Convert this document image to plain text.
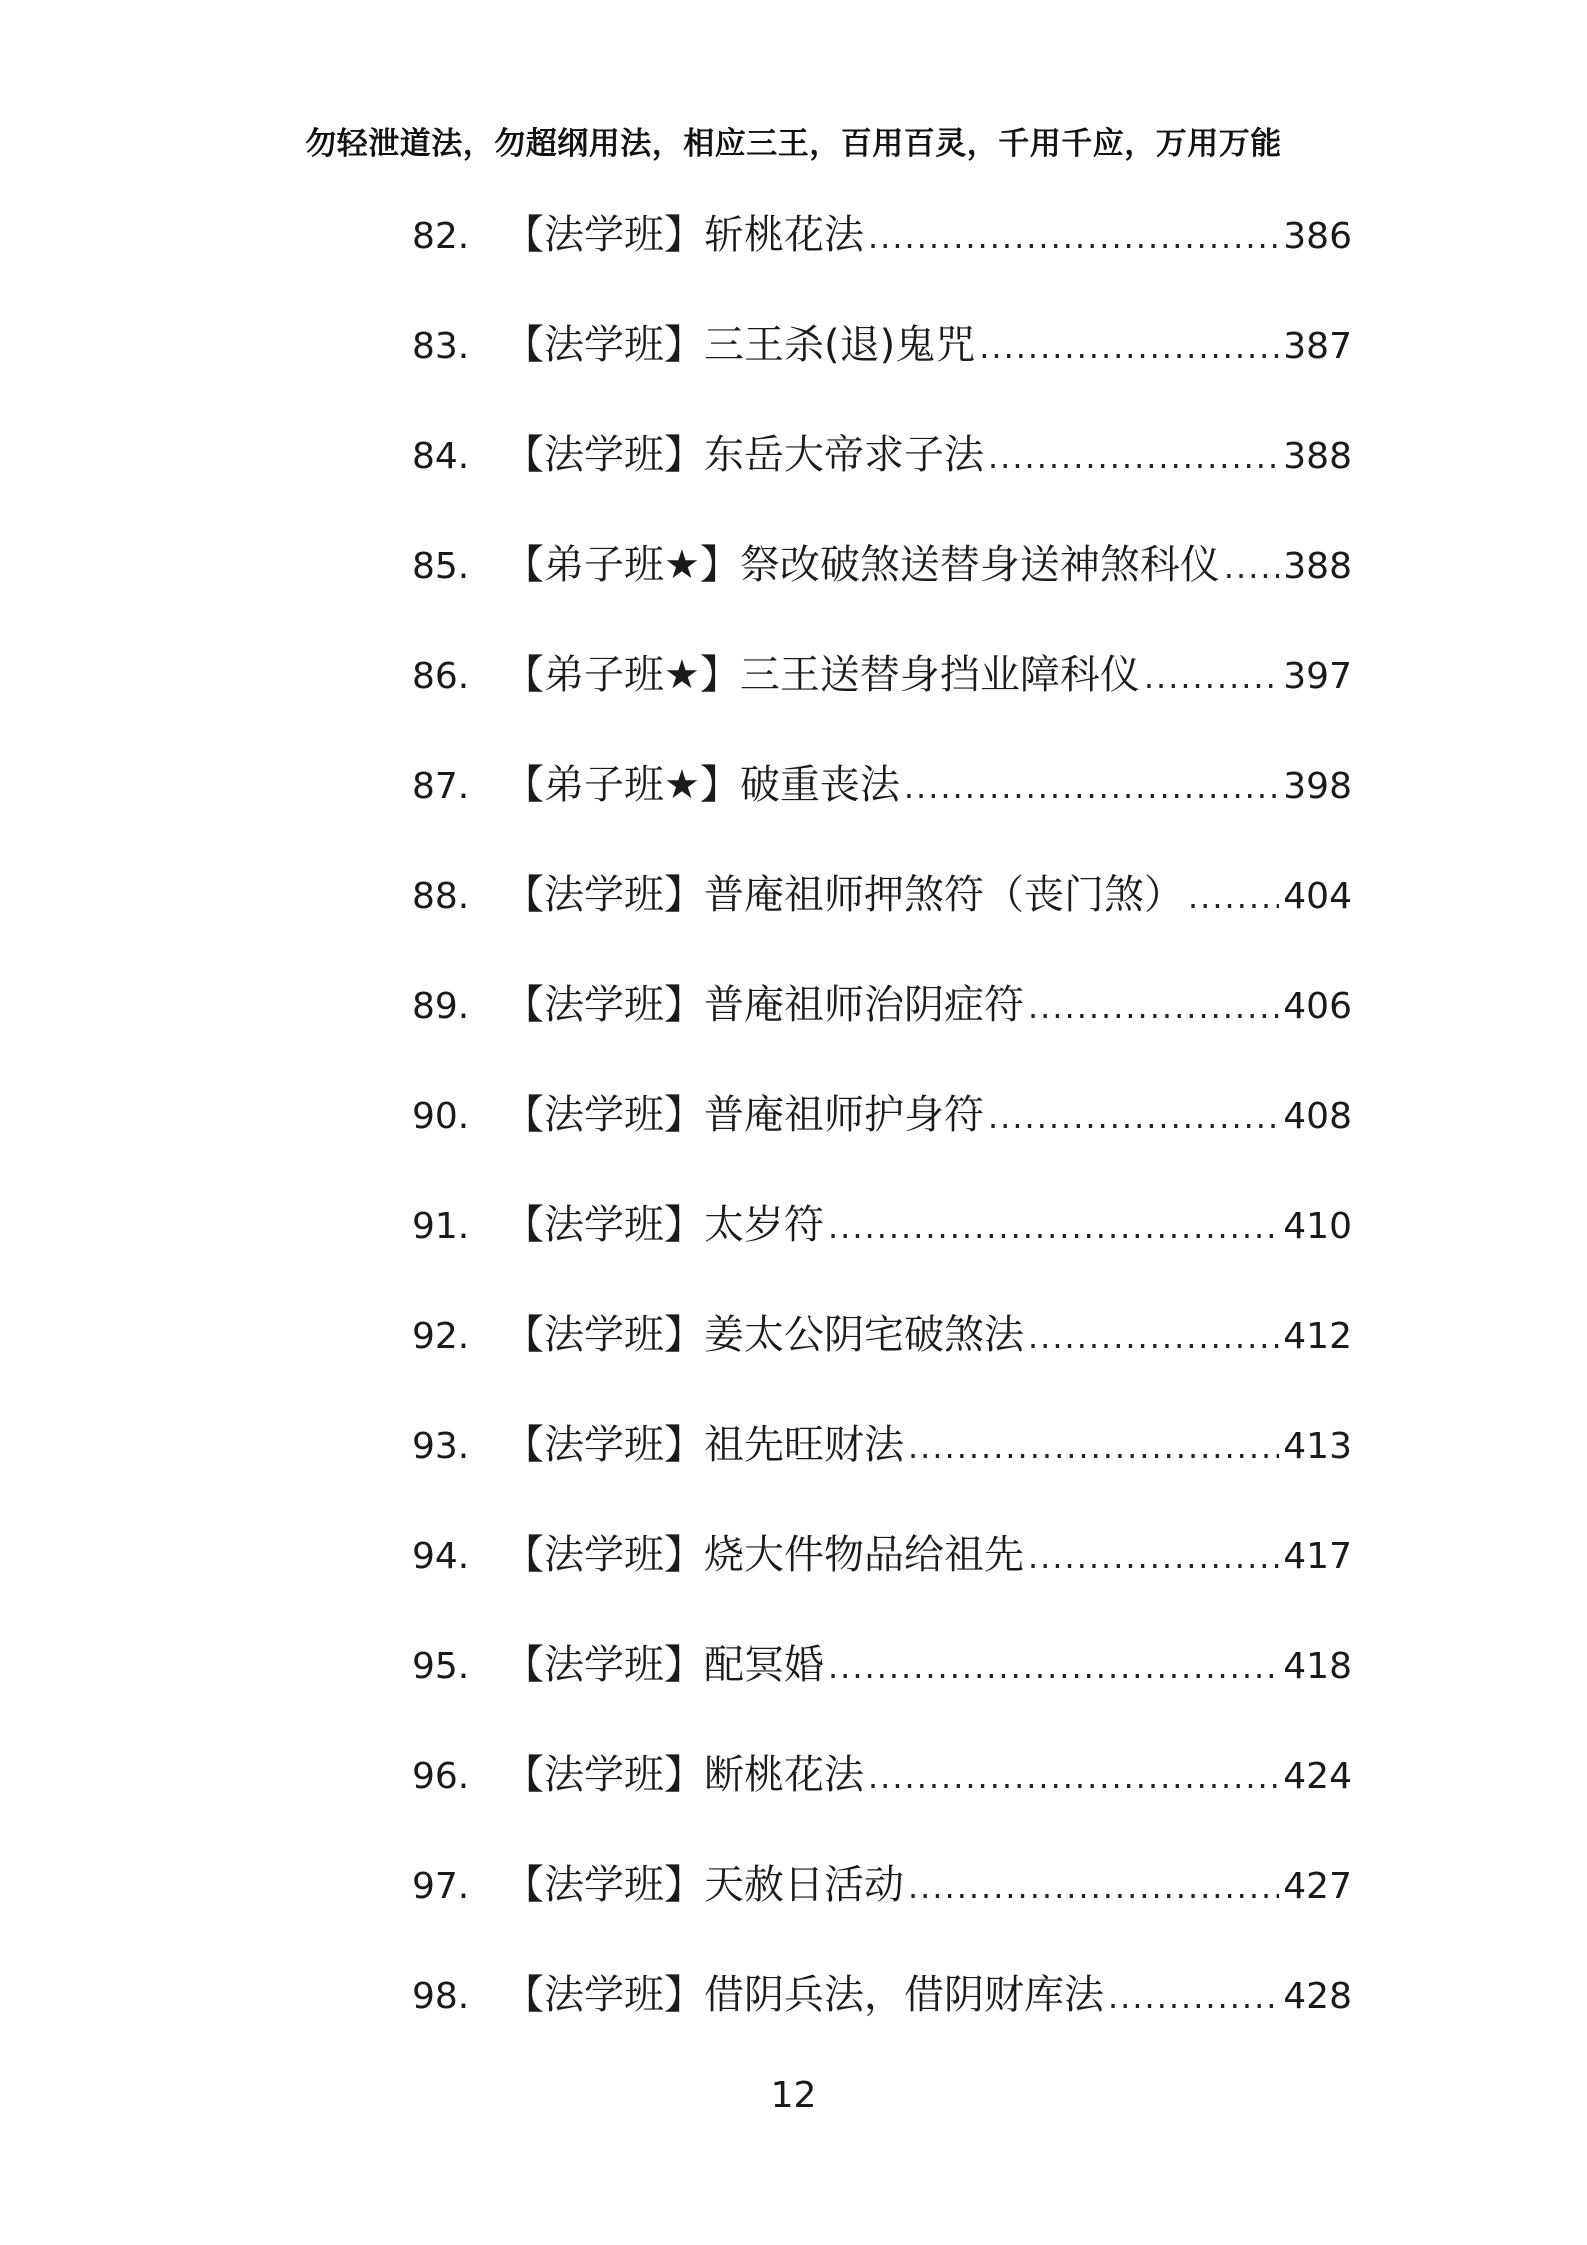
勿轻泄道法，勿超纲用法，相应三王，百用百灵，千用千应，万用万能
82. 【法学班】斩桃花法 .....	386
83. 【法学班】三王杀(退)鬼咒 .....	387
84. 【法学班】东岳大帝求子法 .....	388
85. 【弟子班★】祭改破煞送替身送神煞科仪 ..... 388
86. 【弟子班★】三王送替身挡业障科仪 .....	397
87. 【弟子班★】破重丧法 .....	398
88. 【法学班】普庵祖师押煞符（丧门煞） .....	404
89. 【法学班】普庵祖师治阴症符 .....	406
90. 【法学班】普庵祖师护身符 .....	408
91. 【法学班】太岁符 .....	410
92. 【法学班】姜太公阴宅破煞法 .....	412
93. 【法学班】祖先旺财法 .....	413
94. 【法学班】烧大件物品给祖先 .....	417
95. 【法学班】配冥婚 .....	418
96. 【法学班】断桃花法 .....	424
97. 【法学班】天赦日活动 .....	427
98. 【法学班】借阴兵法，借阴财库法 .....	428
12
